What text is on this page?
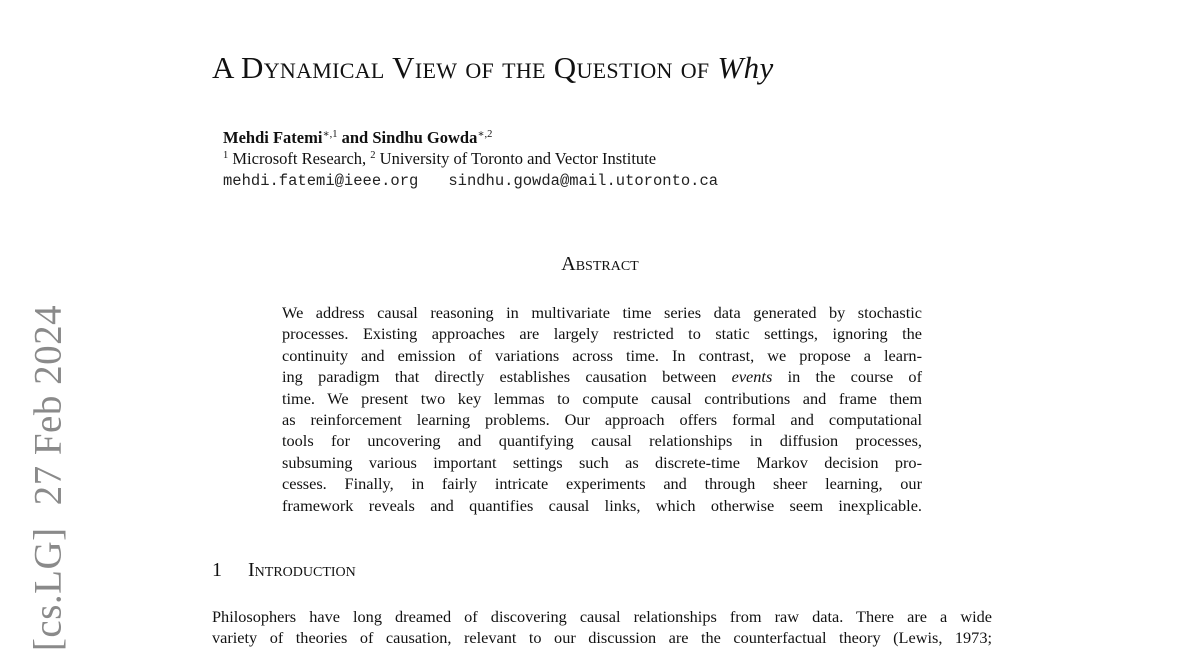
[cs.LG]27 Feb 2024
A Dynamical View of the Question of Why
Mehdi Fatemi$^{∗,1}$ and Sindhu Gowda$^{∗,2}$
$^1$ Microsoft Research, $^2$ University of Toronto and Vector Institute
mehdi.fatemi@ieee.org sindhu.gowda@mail.utoronto.ca
Abstract
We address causal reasoning in multivariate time series data generated by stochastic
processes. Existing approaches are largely restricted to static settings, ignoring the
continuity and emission of variations across time. In contrast, we propose a learn-
ing paradigm that directly establishes causation between events in the course of
time. We present two key lemmas to compute causal contributions and frame them
as reinforcement learning problems. Our approach offers formal and computational
tools for uncovering and quantifying causal relationships in diffusion processes,
subsuming various important settings such as discrete-time Markov decision pro-
cesses. Finally, in fairly intricate experiments and through sheer learning, our
framework reveals and quantifies causal links, which otherwise seem inexplicable.
1 Introduction
Philosophers have long dreamed of discovering causal relationships from raw data. There are a wide
variety of theories of causation, relevant to our discussion are the counterfactual theory (Lewis, 1973;
